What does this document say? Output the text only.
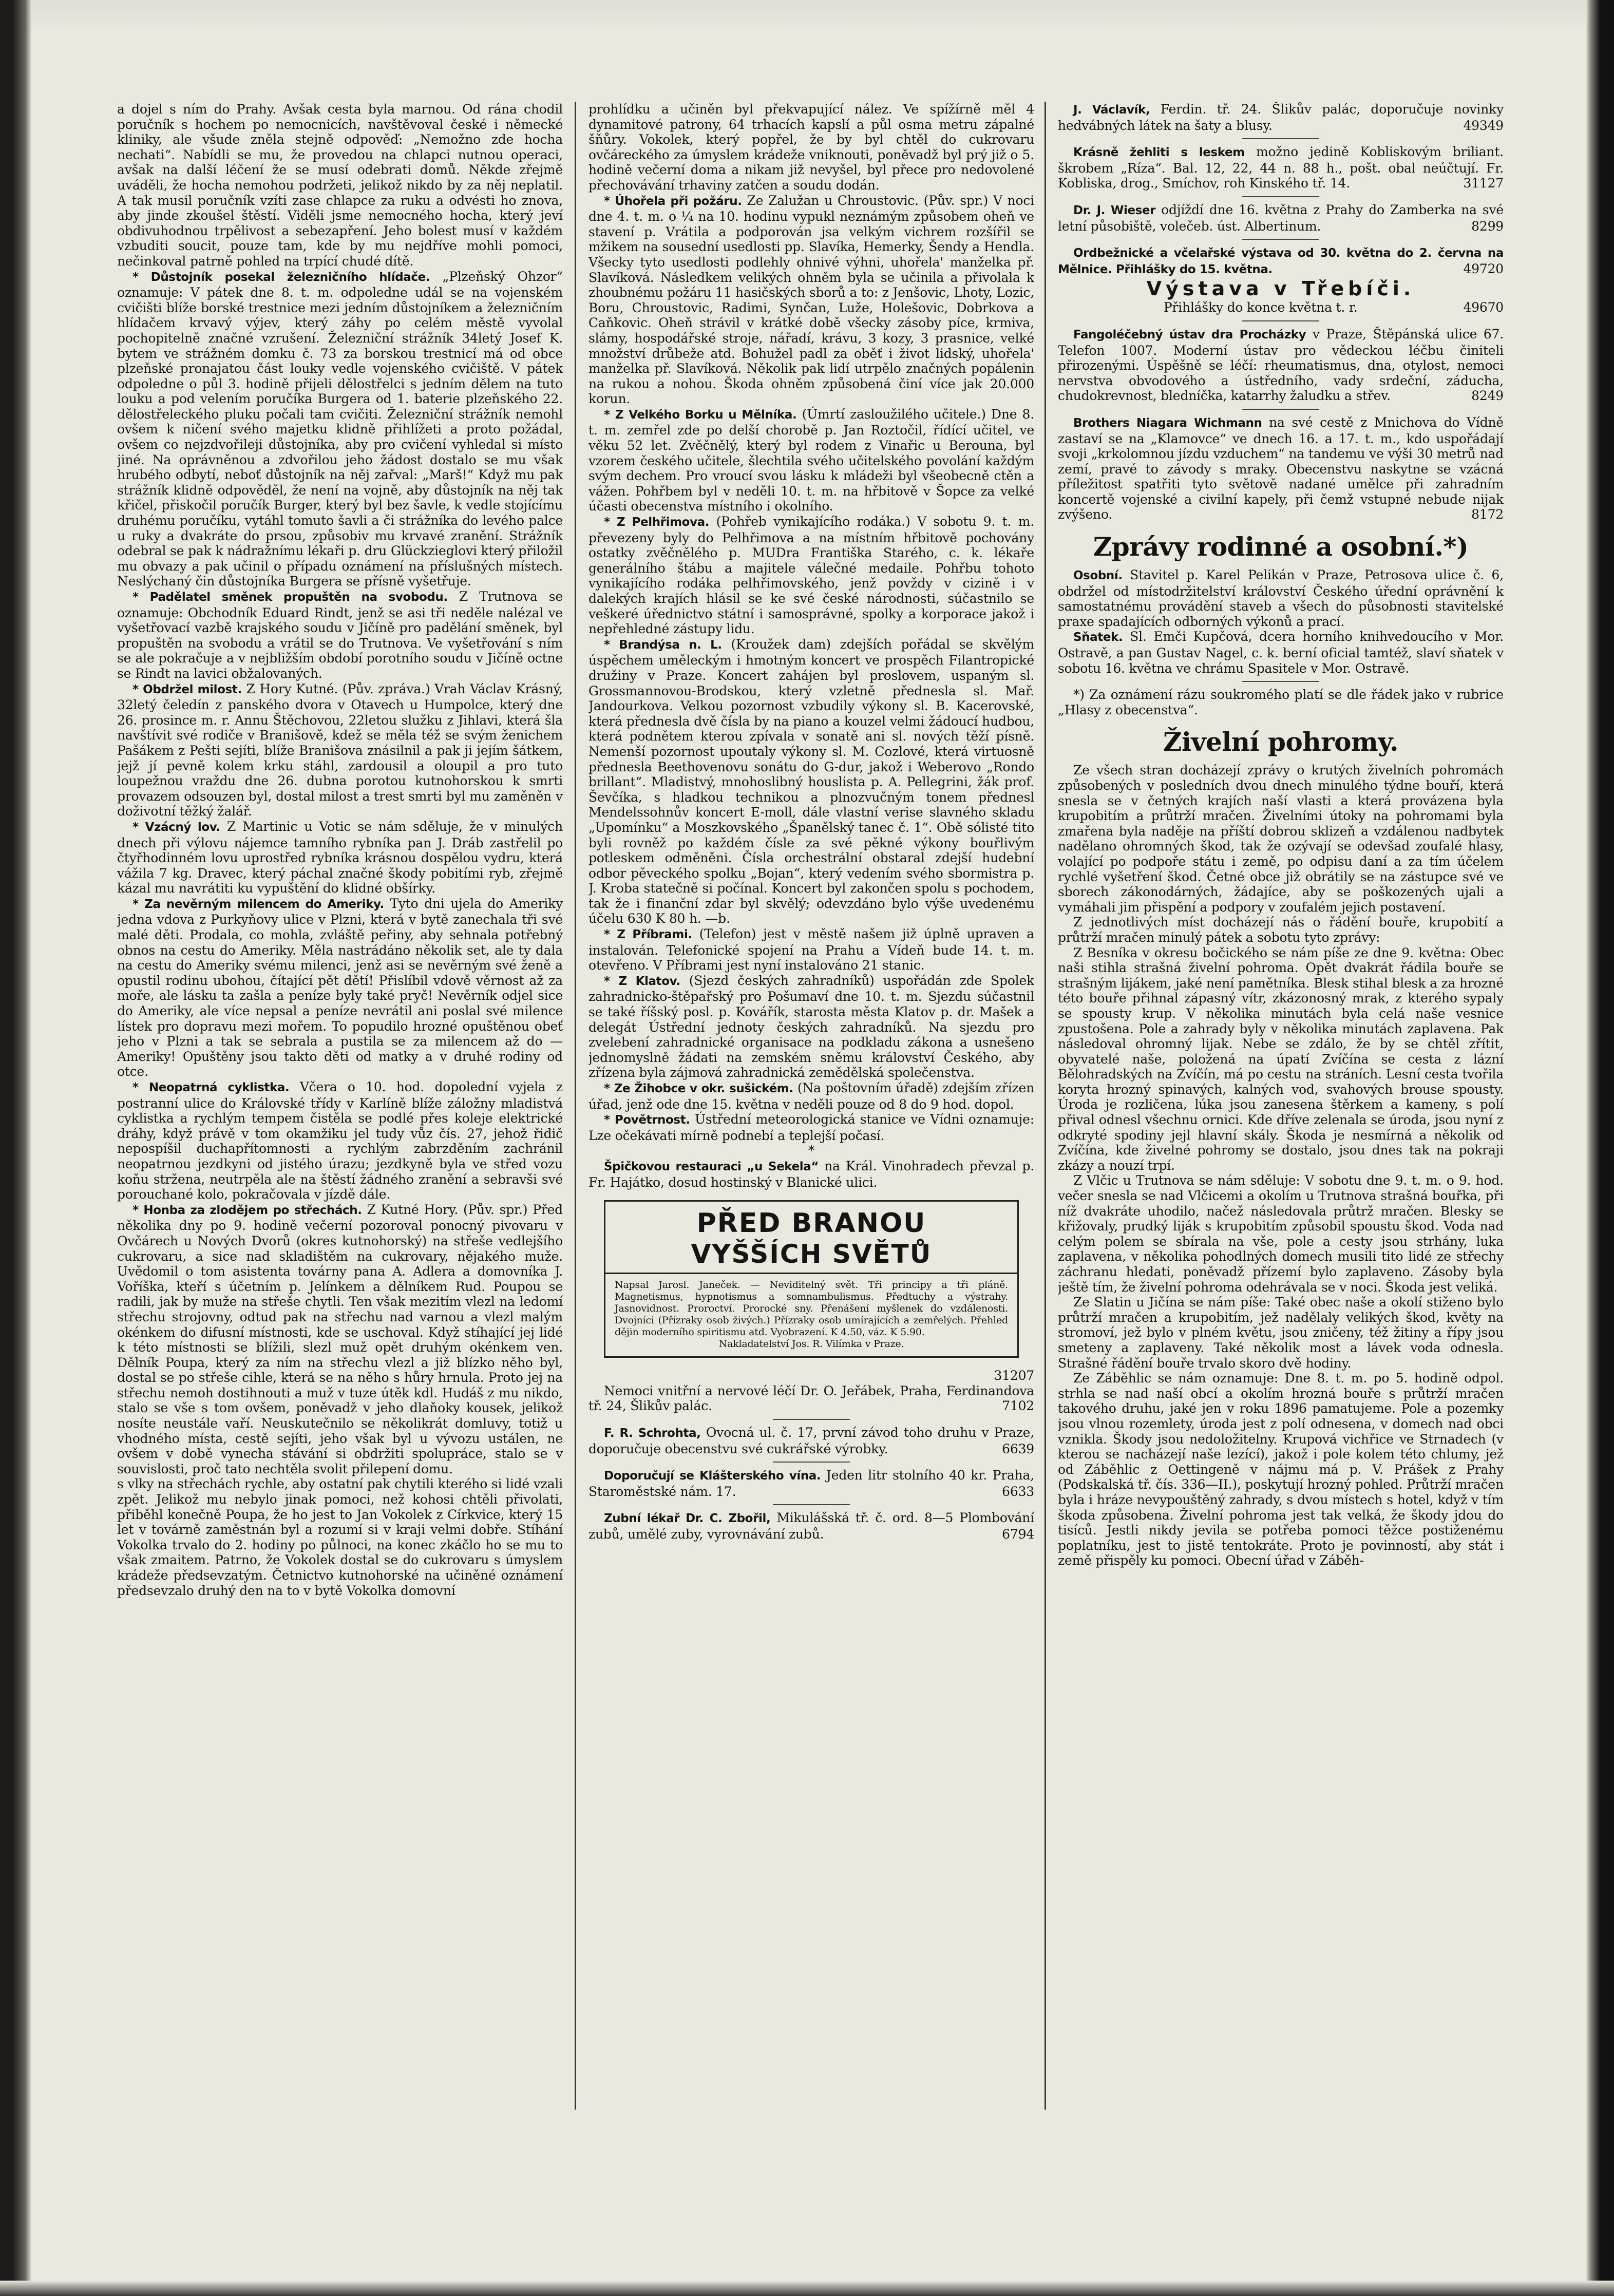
a dojel s ním do Prahy. Avšak cesta byla marnou. Od rána chodil poručník s hochem po nemocnicích, navštěvoval české i německé kliniky, ale všude zněla stejně odpověď: „Nemožno zde hocha nechati“. Nabídli se mu, že provedou na chlapci nutnou operaci, avšak na další léčení že se musí odebrati domů. Někde zřejmě uváděli, že hocha nemohou podržeti, jelikož nikdo by za něj neplatil. A tak musil poručník vzíti zase chlapce za ruku a odvésti ho znova, aby jinde zkoušel štěstí. Viděli jsme nemocného hocha, který jeví obdivuhodnou trpělivost a sebezapření. Jeho bolest musí v každém vzbuditi soucit, pouze tam, kde by mu nejdříve mohli pomoci, nečinkoval patrně pohled na trpící chudé dítě.

* Důstojník posekal železničního hlídače. „Plzeňský Ohzor“ oznamuje: V pátek dne 8. t. m. odpoledne udál se na vojenském cvičišti blíže borské trestnice mezi jedním důstojníkem a železničním hlídačem krvavý výjev, který záhy po celém městě vyvolal pochopitelně značné vzrušení. Železniční strážník 34letý Josef K. bytem ve strážném domku č. 73 za borskou trestnicí má od obce plzeňské pronajatou část louky vedle vojenského cvičiště. V pátek odpoledne o půl 3. hodině přijeli dělostřelci s jedním dělem na tuto louku a pod velením poručíka Burgera od 1. baterie plzeňského 22. dělostřeleckého pluku počali tam cvičiti. Železniční strážník nemohl ovšem k ničení svého majetku klidně přihlížeti a proto požádal, ovšem co nejzdvořileji důstojníka, aby pro cvičení vyhledal si místo jiné. Na oprávněnou a zdvořilou jeho žádost dostalo se mu však hrubého odbytí, neboť důstojník na něj zařval: „Marš!“ Když mu pak strážník klidně odpověděl, že není na vojně, aby důstojník na něj tak křičel, přiskočil poručík Burger, který byl bez šavle, k vedle stojícímu druhému poručíku, vytáhl tomuto šavli a či strážníka do levého palce u ruky a dvakráte do prsou, způsobiv mu krvavé zranění. Strážník odebral se pak k nádražnímu lékaři p. dru Glückzieglovi který přiložil mu obvazy a pak učinil o případu oznámení na příslušných místech. Neslýchaný čin důstojníka Burgera se přísně vyšetřuje.

* Padělatel směnek propuštěn na svobodu. Z Trutnova se oznamuje: Obchodník Eduard Rindt, jenž se asi tři neděle nalézal ve vyšetřovací vazbě krajského soudu v Jičíně pro padělání směnek, byl propuštěn na svobodu a vrátil se do Trutnova. Ve vyšetřování s ním se ale pokračuje a v nejbližším období porotního soudu v Jičíně octne se Rindt na lavici obžalovaných.

* Obdržel milost. Z Hory Kutné. (Pův. zpráva.) Vrah Václav Krásný, 32letý čeledín z panského dvora v Otavech u Humpolce, který dne 26. prosince m. r. Annu Štěchovou, 22letou služku z Jihlavi, která šla navštívit své rodiče v Branišově, kdež se měla též se svým ženichem Pašákem z Pešti sejíti, blíže Branišova znásilnil a pak ji jejím šátkem, jejž jí pevně kolem krku stáhl, zardousil a oloupil a pro tuto loupežnou vraždu dne 26. dubna porotou kutnohorskou k smrti provazem odsouzen byl, dostal milost a trest smrti byl mu zaměněn v doživotní těžký žalář.

* Vzácný lov. Z Martinic u Votic se nám sděluje, že v minulých dnech při výlovu nájemce tamního rybníka pan J. Dráb zastřelil po čtyřhodinném lovu uprostřed rybníka krásnou dospělou vydru, která vážila 7 kg. Dravec, který páchal značné škody pobitími ryb, zřejmě kázal mu navrátiti ku vypuštění do klidné obšírky.

* Za nevěrným milencem do Ameriky. Tyto dni ujela do Ameriky jedna vdova z Purkyňovy ulice v Plzni, která v bytě zanechala tři své malé děti. Prodala, co mohla, zvláště peřiny, aby sehnala potřebný obnos na cestu do Ameriky. Měla nastrádáno několik set, ale ty dala na cestu do Ameriky svému milenci, jenž asi se nevěrným své ženě a opustil rodinu ubohou, čítající pět dětí! Přislíbil vdově věrnost až za moře, ale lásku ta zašla a peníze byly také pryč! Nevěrník odjel sice do Ameriky, ale více nepsal a peníze nevrátil ani poslal své milence lístek pro dopravu mezi mořem. To popudilo hrozné opuštěnou obeť jeho v Plzni a tak se sebrala a pustila se za milencem až do — Ameriky! Opuštěny jsou takto děti od matky a v druhé rodiny od otce.

* Neopatrná cyklistka. Včera o 10. hod. dopolední vyjela z postranní ulice do Královské třídy v Karlíně blíže záložny mladistvá cyklistka a rychlým tempem čistěla se podlé přes koleje elektrické dráhy, když právě v tom okamžiku jel tudy vůz čís. 27, jehož řidič nepospíšil duchapřítomnosti a rychlým zabrzděním zachránil neopatrnou jezdkyni od jistého úrazu; jezdkyně byla ve střed vozu koňu strženа, neutrpěla ale na štěstí žádného zranění a sebravši své porouchané kolo, pokračovala v jízdě dále.

* Honba za zlodějem po střechách. Z Kutné Hory. (Pův. spr.) Před několika dny po 9. hodině večerní pozoroval ponocný pivovaru v Ovčárech u Nových Dvorů (okres kutnohorský) na střeše vedlejšího cukrovaru, a sice nad skladištěm na cukrovary, nějakého muže. Uvědomil o tom asistenta továrny pana A. Adlera a domovníka J. Voříška, kteří s účetním p. Jelínkem a dělníkem Rud. Poupou se radili, jak by mužе na střeše chytli. Ten však mezitím vlezl na ledomí střechu strojovny, odtud pak na střechu nad varnou a vlezl malým okénkem do difusní místnosti, kde se uschoval. Když stíhající jej lidé k této místnosti se blížili, slezl muž opět druhým okénkem ven. Dělník Poupa, který za ním na střechu vlezl a již blízko něho byl, dostal se po střeše cihle, která se na něho s hůry hrnula. Proto jej na střechu nemoh dostihnouti a muž v tuze útěk kdl. Hudáš z mu nikdo, stalo se vše s tom ovšem, poněvadž v jeho dlaňoky kousek, jelikož nosíte neustále vaří. Neuskutečnilo se několikrát domluvy, totiž u vhodného místa, cestě sejíti, jeho však byl u vývozu ustálen, ne ovšem v době vynecha stávání si obdržiti spolupráce, stalo se v souvislosti, proč tato nechtěla svolit přilepení domu.

s vlky na střechách rychle, aby ostatní pak chytili kterého si lidé vzali zpět. Jelikož mu nebylo jinak pomoci, než kohosi chtěli přivolati, přiběhl konečně Poupa, že ho jest to Jan Vokolek z Církvice, který 15 let v továrně zaměstnán byl a rozumí si v kraji velmi dobře. Stíhání Vokolka trvalo do 2. hodiny po půlnoci, na konec zkáčlo ho se mu to však zmaitem. Patrno, že Vokolek dostal se do cukrovaru s úmyslem krádeže předsevzatým. Četnictvo kutnohorské na učiněné oznámení předsevzalo druhý den na to v bytě Vokolka domovní

prohlídku a učiněn byl překvapující nález. Ve spížírně měl 4 dynamitové patrony, 64 trhacích kapslí a půl osma metru zápalné šňůry. Vokolek, který popřel, že by byl chtěl do cukrovaru ovčáreckého za úmyslem krádeže vniknouti, poněvadž byl prý již o 5. hodině večerní doma a nikam již nevyšel, byl přece pro nedovolené přechovávání trhaviny zatčen a soudu dodán.

* Úhořela při požáru. Ze Zalužan u Chroustovic. (Pův. spr.) V noci dne 4. t. m. o ¼ na 10. hodinu vypukl neznámým způsobem oheň ve stavení p. Vrátila a podporován jsa velkým vichrem rozšířil se mžikem na sousední usedlosti pp. Slavíka, Hemerky, Šendy a Hendla. Všecky tyto usedlosti podlehly ohnivé výhni, uhořela' manželka př. Slavíková. Následkem velikých ohněm byla se učinila a přivolala k zhoubnému požáru 11 hasičských sborů a to: z Jenšovic, Lhoty, Lozic, Boru, Chroustovic, Radimi, Synčan, Luže, Holešovic, Dobrkova a Caňkovic. Oheň strávil v krátké době všecky zásoby píce, krmiva, slámy, hospodářské stroje, nářadí, krávu, 3 kozy, 3 prasnice, velké množství drůbeže atd. Bohužel padl za oběť i život lidský, uhořela' manželka př. Slavíková. Několik pak lidí utrpělo značných popálenin na rukou a nohou. Škoda ohněm způsobená činí více jak 20.000 korun.

* Z Velkého Borku u Mělníka. (Úmrtí zasloužilého učitele.) Dne 8. t. m. zemřel zde po delší chorobě p. Jan Roztočil, řídící učitel, ve věku 52 let. Zvěčnělý, který byl rodem z Vinařic u Berouna, byl vzorem českého učitele, šlechtila svého učitelského povolání každým svým dechem. Pro vroucí svou lásku k mládeži byl všeobecně ctěn a vážen. Pohřbem byl v neděli 10. t. m. na hřbitově v Šopce za velké účasti obecenstva místního i okolního.

* Z Pelhřimova. (Pohřeb vynikajícího rodáka.) V sobotu 9. t. m. převezeny byly do Pelhřimova a na místním hřbitově pochovány ostatky zvěčnělého p. MUDra Františka Starého, c. k. lékaře generálního štábu a majitele válečné medaile. Pohřbu tohoto vynikajícího rodáka pelhřimovského, jenž povždy v cizině i v dalekých krajích hlásil se ke své české národnosti, súčastnilo se veškeré úřednictvo státní i samosprávné, spolky a korporace jakož i nepřehledné zástupy lidu.

* Brandýsa n. L. (Kroužek dam) zdejších pořádal se skvělým úspěchem uměleckým i hmotným koncert ve prospěch Filantropické družiny v Praze. Koncert zahájen byl proslovem, uspaným sl. Grossmannovou-Brodskou, který vzletně přednesla sl. Mař. Jandourkova. Velkou pozornost vzbudily výkony sl. B. Kacerovské, která přednesla dvě čísla by na piano a kouzel velmi žádoucí hudbou, která podnětem kterou zpívala v sonatě ani sl. nových těží písně. Nemenší pozornost upoutaly výkony sl. M. Cozlové, která virtuosně přednesla Beethovenovu sonátu do G-dur, jakož i Weberovo „Rondo brillant“. Mladistvý, mnohoslibný houslista p. A. Pellegrini, žák prof. Ševčíka, s hladkou technikou a plnozvučným tonem přednesl Mendelssohnův koncert E-moll, dále vlastní verise slavného skladu „Upomínku“ a Moszkovského „Španělský tanec č. 1“. Obě sólisté tito byli rovněž po každém čísle za své pěkné výkony bouřlivým potleskem odměněni. Čísla orchestrální obstaral zdejší hudební odbor pěveckého spolku „Bojan“, který vedením svého sbormistra p. J. Kroba statečně si počínal. Koncert byl zakončen spolu s pochodem, tak že i finanční zdar byl skvělý; odevzdáno bylo výše uvedenému účelu 630 K 80 h. —b.

* Z Příbrami. (Telefon) jest v městě našem již úplně upraven a instalován. Telefonické spojení na Prahu a Vídeň bude 14. t. m. otevřeno. V Příbrami jest nyní instalováno 21 stanic.

* Z Klatov. (Sjezd českých zahradníků) uspořádán zde Spolek zahradnicko-štěpařský pro Pošumaví dne 10. t. m. Sjezdu súčastnil se také říšský posl. p. Kovářík, starosta města Klatov p. dr. Mašek a delegát Ústřední jednoty českých zahradníků. Na sjezdu pro zvelebení zahradnické organisace na podkladu zákona a usnešeno jednomyslně žádati na zemském sněmu království Českého, aby zřízena byla zájmová zahradnická zemědělská společenstva.

* Ze Žihobce v okr. sušickém. (Na poštovním úřadě) zdejším zřízen úřad, jenž ode dne 15. května v neděli pouze od 8 do 9 hod. dopol.

* Povětrnost. Ústřední meteorologická stanice ve Vídni oznamuje: Lze očekávati mírně podnebí a teplejší počasí.

*

Špičkovou restauraci „u Sekela“ na Král. Vinohradech převzal p. Fr. Hajátko, dosud hostinský v Blanické ulici.

PŘED BRANOU
VYŠŠÍCH SVĚTŮ

Napsal Jarosl. Janeček. — Neviditelný svět. Tři principy a tři pláně. Magnetismus, hypnotismus a somnambulismus. Předtuchy a výstrahy. Jasnovidnost. Proroctví. Prorocké sny. Přenášení myšlenek do vzdálenosti. Dvojníci (Přízraky osob živých.) Přízraky osob umírajících a zemřelých. Přehled dějin moderního spiritismu atd. Vyobrazení. K 4.50, váz. K 5.90.

Nakladatelství Jos. R. Vilímka v Praze.

31207

Nemoci vnitřní a nervové léčí Dr. O. Jeřábek, Praha, Ferdinandova tř. 24, Šlikův palác.	7102

F. R. Schrohta, Ovocná ul. č. 17, první závod toho druhu v Praze, doporučuje obecenstvu své cukrářské výrobky.	6639

Doporučují se Klášterského vína. Jeden litr stolního 40 kr. Praha, Staroměstské nám. 17.	6633

Zubní lékař Dr. C. Zbořil, Mikulášská tř. č. ord. 8—5 Plombování zubů, umělé zuby, vyrovnávání zubů.	6794

J. Václavík, Ferdin. tř. 24. Šlikův palác, doporučuje novinky hedvábných látek na šaty a blusy.	49349

Krásně žehliti s leskem možno jedině Kobliskovým briliant. škrobem „Ríza“. Bal. 12, 22, 44 n. 88 h., pošt. obal neúčtují. Fr. Kobliska, drog., Smíchov, roh Kinského tř. 14.	31127

Dr. J. Wieser odjíždí dne 16. května z Prahy do Zamberka na své letní působiště, volečeb. úst. Albertinum.	8299

Ordbežnické a včelařské výstava od 30. května do 2. června na Mělnice. Přihlášky do 15. května.	49720

Výstava v Třebíči.

Přihlášky do konce května t. r.	49670

Fangoléčebný ústav dra Procházky v Praze, Štěpánská ulice 67. Telefon 1007. Moderní ústav pro vědeckou léčbu činiteli přirozenými. Úspěšně se léčí: rheumatismus, dna, otylost, nemoci nervstva obvodového a ústředního, vady srdeční, záducha, chudokrevnost, bledníčka, katarrhy žaludku a střev.	8249

Brothers Niagara Wichmann na své cestě z Mnichova do Vídně zastaví se na „Klamovce“ ve dnech 16. a 17. t. m., kdo uspořádají svoji „krkolomnou jízdu vzduchem“ na tandemu ve výši 30 metrů nad zemí, pravé to závody s mraky. Obecenstvu naskytne se vzácná příležitost spatřiti tyto světově nadané umělce při zahradním koncertě vojenské a civilní kapely, při čemž vstupné nebude nijak zvýšeno.	8172

Zprávy rodinné a osobní.*)

Osobní. Stavitel p. Karel Pelikán v Praze, Petrosova ulice č. 6, obdržel od místodržitelství království Českého úřední oprávnění k samostatnému provádění staveb a všech do působnosti stavitelské praxe spadajících odborných výkonů a prací.

Sňatek. Sl. Emči Kupčová, dcera horního knihvedoucího v Mor. Ostravě, a pan Gustav Nagel, c. k. berní oficial tamtéž, slaví sňatek v sobotu 16. května ve chrámu Spasitele v Mor. Ostravě.

*) Za oznámení rázu soukromého platí se dle řádek jako v rubrice „Hlasy z obecenstva“.

Živelní pohromy.

Ze všech stran docházejí zprávy o krutých živelních pohromách způsobených v posledních dvou dnech minulého týdne bouří, která snesla se v četných krajích naší vlasti a která provázena byla krupobitím a průtrží mračen. Živelními útoky na pohromami byla zmařena byla naděje na příští dobrou sklizeň a vzdálenou nadbytek nadělano ohromných škod, tak že ozývají se odevšad zoufalé hlasy, volající po podpoře státu i země, po odpisu daní a za tím účelem rychlé vyšetření škod. Četné obce již obrátily se na zástupce své ve sborech zákonodárných, žádajíce, aby se poškozených ujali a vymáhali jim přispění a podpory v zoufalém jejich postavení.

Z jednotlivých míst docházejí nás o řádění bouře, krupobití a průtrží mračen minulý pátek a sobotu tyto zprávy:

Z Besníka v okresu bočického se nám píše ze dne 9. května: Obec naši stihla strašná živelní pohroma. Opět dvakrát řádila bouře se strašným lijákem, jaké není pamětníka. Blesk stihal blesk a za hrozné této bouře přihnal zápasný vítr, zkázonosný mrak, z kterého sypaly se spousty krup. V několika minutách byla celá naše vesnice zpustošena. Pole a zahrady byly v několika minutách zaplavena. Pak následoval ohromný lijak. Nebe se zdálo, že by se chtěl zřítit, obyvatelé naše, položená na úpatí Zvíčína se cesta z lázní Bělohradských na Zvíčín, má po cestu na stráních. Lesní cesta tvořila koryta hrozný spinavých, kalných vod, svahových brouse spousty. Úroda je rozličena, lúka jsou zanesena štěrkem a kameny, s polí přival odnesl všechnu ornici. Kde dříve zelenala se úroda, jsou nyní z odkryté spodiny jejl hlavní skály. Škoda je nesmírná a několik od Zvíčína, kde živelné pohromy se dostalo, jsou dnes tak na pokraji zkázy a nouzí trpí.

Z Vlčic u Trutnova se nám sděluje: V sobotu dne 9. t. m. o 9. hod. večer snesla se nad Vlčicemi a okolím u Trutnova strašná bouřka, při níž dvakráte uhodilo, načež následovala průtrž mračen. Blesky se křižovaly, prudký liják s krupobitím způsobil spoustu škod. Voda nad celým polem se sbírala na vše, pole a cesty jsou strhány, luka zaplavena, v několika pohodlných domech musili tito lidé ze střechy záchranu hledati, poněvadž přízemí bylo zaplaveno. Zásoby byla ještě tím, že živelní pohroma odehrávala se v noci. Škoda jest veliká.

Ze Slatin u Jičína se nám píše: Také obec naše a okolí stiženo bylo průtrží mračen a krupobitím, jež nadělaly velikých škod, květy na stromoví, jež bylo v plném květu, jsou zničeny, též žitiny a řípy jsou smeteny a zaplaveny. Také několik most a lávek voda odnesla. Strašné řádění bouře trvalo skoro dvě hodiny.

Ze Záběhlic se nám oznamuje: Dne 8. t. m. po 5. hodině odpol. strhla se nad naší obcí a okolím hrozná bouře s průtrží mračen takového druhu, jaké jen v roku 1896 pamatujeme. Pole a pozemky jsou vlnou rozemlety, úroda jest z polí odnesena, v domech nad obci vznikla. Škody jsou nedoložitelny. Krupová vichřice ve Strnadech (v kterou se nacházejí naše lezící), jakož i pole kolem této chlumy, jež od Záběhlic z Oettingeně v nájmu má p. V. Prášek z Prahy (Podskalská tř. čís. 336—II.), poskytují hrozný pohled. Průtrží mračen byla i hráze nevypouštěný zahrady, s dvou místech s hotel, když v tím škoda způsobena. Živelní pohroma jest tak velká, že škody jdou do tisíců. Jestli nikdy jevila se potřeba pomoci těžce postiženému poplatníku, jest to jistě tentokráte. Proto je povinností, aby stát i země přispěly ku pomoci. Obecní úřad v Záběh-
